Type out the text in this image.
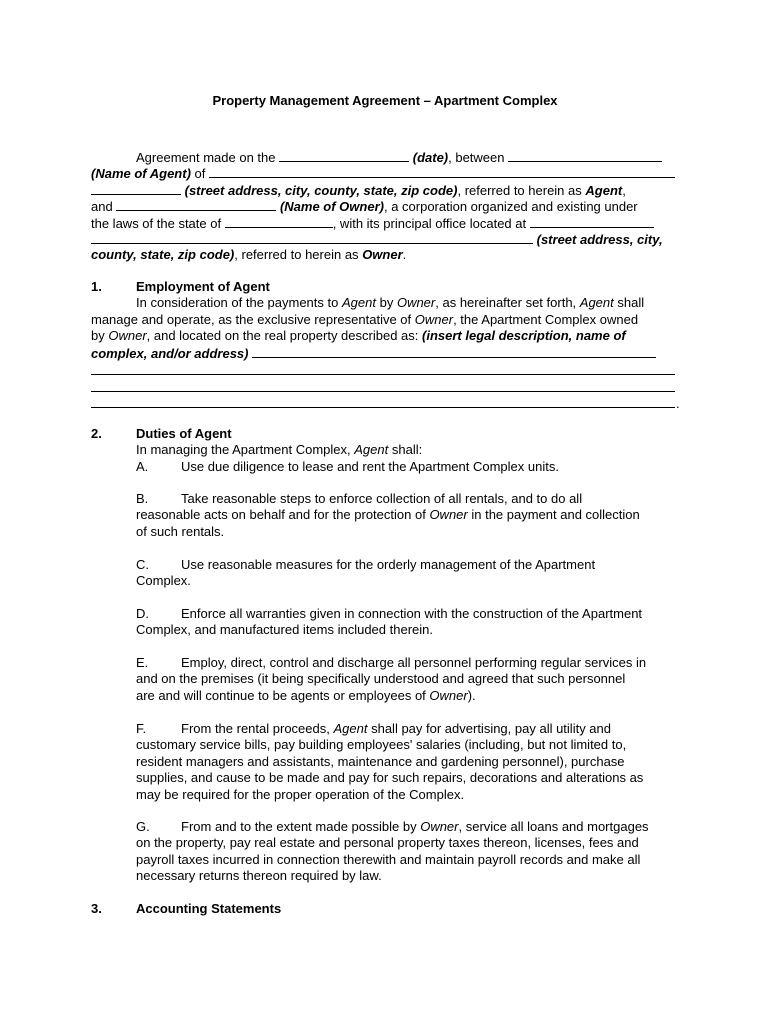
Property Management Agreement – Apartment Complex
Agreement made on the	(date), between
(Name of Agent) of
(street address, city, county, state, zip code), referred to herein as Agent,
and	(Name of Owner), a corporation organized and existing under
the laws of the state of	, with its principal office located at
(street address, city,
county, state, zip code), referred to herein as Owner.
1.	Employment of Agent
In consideration of the payments to Agent by Owner, as hereinafter set forth, Agent shall
manage and operate, as the exclusive representative of Owner, the Apartment Complex owned
by Owner, and located on the real property described as: (insert legal description, name of
complex, and/or address)
.
2.	Duties of Agent
In managing the Apartment Complex, Agent shall:
A.	Use due diligence to lease and rent the Apartment Complex units.
B.	Take reasonable steps to enforce collection of all rentals, and to do all
reasonable acts on behalf and for the protection of Owner in the payment and collection
of such rentals.
C. Use reasonable measures for the orderly management of the Apartment
Complex.
D. Enforce all warranties given in connection with the construction of the Apartment
Complex, and manufactured items included therein.
E.	Employ, direct, control and discharge all personnel performing regular services in
and on the premises (it being specifically understood and agreed that such personnel
are and will continue to be agents or employees of Owner).
F.	From the rental proceeds, Agent shall pay for advertising, pay all utility and
customary service bills, pay building employees' salaries (including, but not limited to,
resident managers and assistants, maintenance and gardening personnel), purchase
supplies, and cause to be made and pay for such repairs, decorations and alterations as
may be required for the proper operation of the Complex.
G. From and to the extent made possible by Owner, service all loans and mortgages
on the property, pay real estate and personal property taxes thereon, licenses, fees and
payroll taxes incurred in connection therewith and maintain payroll records and make all
necessary returns thereon required by law.
3.	Accounting Statements
